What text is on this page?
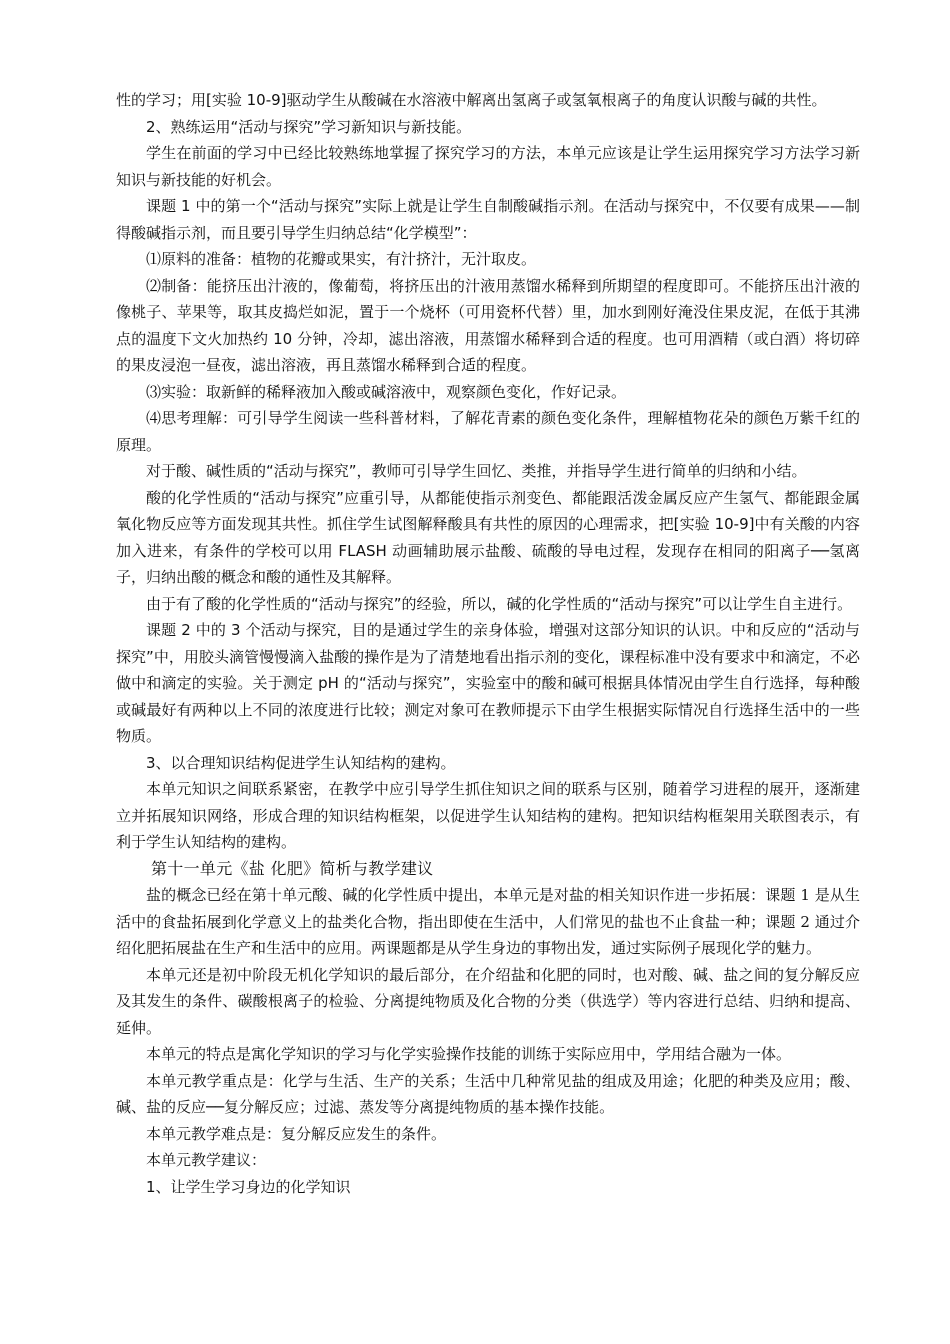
性的学习；用[实验 10-9]驱动学生从酸碱在水溶液中解离出氢离子或氢氧根离子的角度认识酸与碱的共性。

2、熟练运用“活动与探究”学习新知识与新技能。

学生在前面的学习中已经比较熟练地掌握了探究学习的方法，本单元应该是让学生运用探究学习方法学习新知识与新技能的好机会。

课题 1 中的第一个“活动与探究”实际上就是让学生自制酸碱指示剂。在活动与探究中，不仅要有成果——制得酸碱指示剂，而且要引导学生归纳总结“化学模型”：

⑴原料的准备：植物的花瓣或果实，有汁挤汁，无汁取皮。

⑵制备：能挤压出汁液的，像葡萄，将挤压出的汁液用蒸馏水稀释到所期望的程度即可。不能挤压出汁液的像桃子、苹果等，取其皮捣烂如泥，置于一个烧杯（可用瓷杯代替）里，加水到刚好淹没住果皮泥，在低于其沸点的温度下文火加热约 10 分钟，冷却，滤出溶液，用蒸馏水稀释到合适的程度。也可用酒精（或白酒）将切碎的果皮浸泡一昼夜，滤出溶液，再且蒸馏水稀释到合适的程度。

⑶实验：取新鲜的稀释液加入酸或碱溶液中，观察颜色变化，作好记录。

⑷思考理解：可引导学生阅读一些科普材料，了解花青素的颜色变化条件，理解植物花朵的颜色万紫千红的原理。

对于酸、碱性质的“活动与探究”，教师可引导学生回忆、类推，并指导学生进行简单的归纳和小结。

酸的化学性质的“活动与探究”应重引导，从都能使指示剂变色、都能跟活泼金属反应产生氢气、都能跟金属氧化物反应等方面发现其共性。抓住学生试图解释酸具有共性的原因的心理需求，把[实验 10-9]中有关酸的内容加入进来，有条件的学校可以用 FLASH 动画辅助展示盐酸、硫酸的导电过程，发现存在相同的阳离子──氢离子，归纳出酸的概念和酸的通性及其解释。

由于有了酸的化学性质的“活动与探究”的经验，所以，碱的化学性质的“活动与探究”可以让学生自主进行。

课题 2 中的 3 个活动与探究，目的是通过学生的亲身体验，增强对这部分知识的认识。中和反应的“活动与探究”中，用胶头滴管慢慢滴入盐酸的操作是为了清楚地看出指示剂的变化，课程标准中没有要求中和滴定，不必做中和滴定的实验。关于测定 pH 的“活动与探究”，实验室中的酸和碱可根据具体情况由学生自行选择，每种酸或碱最好有两种以上不同的浓度进行比较；测定对象可在教师提示下由学生根据实际情况自行选择生活中的一些物质。

3、以合理知识结构促进学生认知结构的建构。

本单元知识之间联系紧密，在教学中应引导学生抓住知识之间的联系与区别，随着学习进程的展开，逐渐建立并拓展知识网络，形成合理的知识结构框架，以促进学生认知结构的建构。把知识结构框架用关联图表示，有利于学生认知结构的建构。

第十一单元《盐 化肥》简析与教学建议

盐的概念已经在第十单元酸、碱的化学性质中提出，本单元是对盐的相关知识作进一步拓展：课题 1 是从生活中的食盐拓展到化学意义上的盐类化合物，指出即使在生活中，人们常见的盐也不止食盐一种；课题 2 通过介绍化肥拓展盐在生产和生活中的应用。两课题都是从学生身边的事物出发，通过实际例子展现化学的魅力。

本单元还是初中阶段无机化学知识的最后部分，在介绍盐和化肥的同时，也对酸、碱、盐之间的复分解反应及其发生的条件、碳酸根离子的检验、分离提纯物质及化合物的分类（供选学）等内容进行总结、归纳和提高、延伸。

本单元的特点是寓化学知识的学习与化学实验操作技能的训练于实际应用中，学用结合融为一体。

本单元教学重点是：化学与生活、生产的关系；生活中几种常见盐的组成及用途；化肥的种类及应用；酸、碱、盐的反应──复分解反应；过滤、蒸发等分离提纯物质的基本操作技能。

本单元教学难点是：复分解反应发生的条件。

本单元教学建议：

1、让学生学习身边的化学知识
